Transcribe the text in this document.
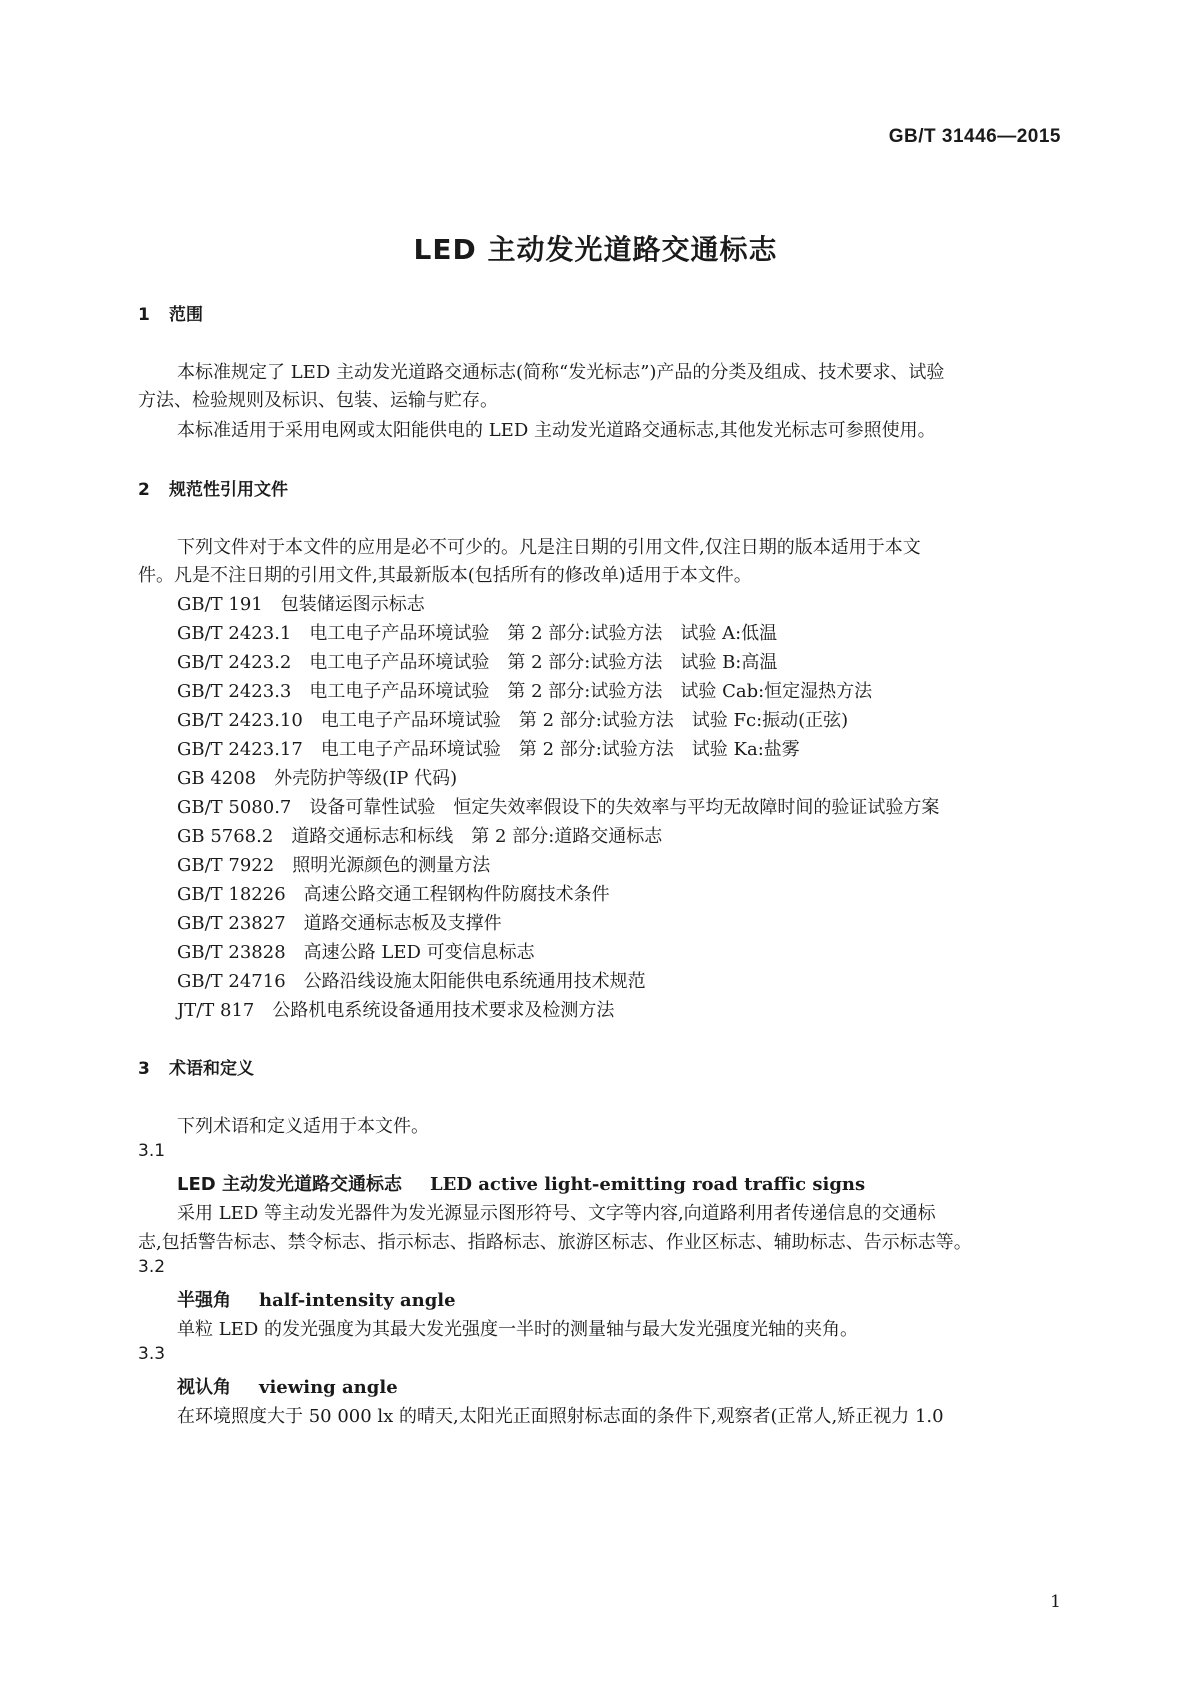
GB/T 31446—2015
LED 主动发光道路交通标志
1 范围
本标准规定了 LED 主动发光道路交通标志(简称“发光标志”)产品的分类及组成、技术要求、试验
方法、检验规则及标识、包装、运输与贮存。
本标准适用于采用电网或太阳能供电的 LED 主动发光道路交通标志,其他发光标志可参照使用。
2 规范性引用文件
下列文件对于本文件的应用是必不可少的。凡是注日期的引用文件,仅注日期的版本适用于本文
件。凡是不注日期的引用文件,其最新版本(包括所有的修改单)适用于本文件。
GB/T 191 包装储运图示标志
GB/T 2423.1 电工电子产品环境试验　第 2 部分:试验方法　试验 A:低温
GB/T 2423.2 电工电子产品环境试验　第 2 部分:试验方法　试验 B:高温
GB/T 2423.3 电工电子产品环境试验　第 2 部分:试验方法　试验 Cab:恒定湿热方法
GB/T 2423.10 电工电子产品环境试验　第 2 部分:试验方法　试验 Fc:振动(正弦)
GB/T 2423.17 电工电子产品环境试验　第 2 部分:试验方法　试验 Ka:盐雾
GB 4208 外壳防护等级(IP 代码)
GB/T 5080.7 设备可靠性试验　恒定失效率假设下的失效率与平均无故障时间的验证试验方案
GB 5768.2 道路交通标志和标线　第 2 部分:道路交通标志
GB/T 7922 照明光源颜色的测量方法
GB/T 18226 高速公路交通工程钢构件防腐技术条件
GB/T 23827 道路交通标志板及支撑件
GB/T 23828 高速公路 LED 可变信息标志
GB/T 24716 公路沿线设施太阳能供电系统通用技术规范
JT/T 817 公路机电系统设备通用技术要求及检测方法
3 术语和定义
下列术语和定义适用于本文件。
3.1
LED 主动发光道路交通标志 LED active light-emitting road traffic signs
采用 LED 等主动发光器件为发光源显示图形符号、文字等内容,向道路利用者传递信息的交通标
志,包括警告标志、禁令标志、指示标志、指路标志、旅游区标志、作业区标志、辅助标志、告示标志等。
3.2
半强角 half-intensity angle
单粒 LED 的发光强度为其最大发光强度一半时的测量轴与最大发光强度光轴的夹角。
3.3
视认角 viewing angle
在环境照度大于 50 000 lx 的晴天,太阳光正面照射标志面的条件下,观察者(正常人,矫正视力 1.0
1
